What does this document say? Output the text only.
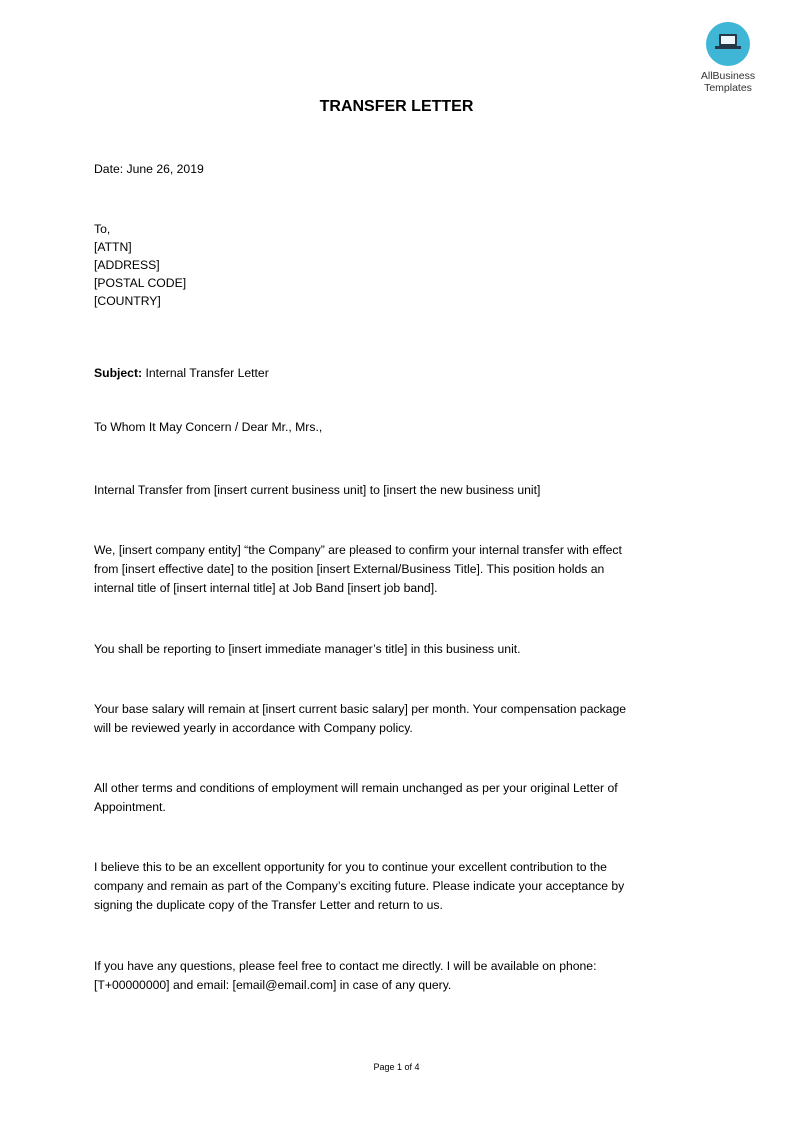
AllBusiness
Templates
TRANSFER LETTER
Date: June 26, 2019
To,
[ATTN]
[ADDRESS]
[POSTAL CODE]
[COUNTRY]
Subject: Internal Transfer Letter
To Whom It May Concern / Dear Mr., Mrs.,
Internal Transfer from [insert current business unit] to [insert the new business unit]
We, [insert company entity] “the Company” are pleased to confirm your internal transfer with effect
from [insert effective date] to the position [insert External/Business Title]. This position holds an
internal title of [insert internal title] at Job Band [insert job band].
You shall be reporting to [insert immediate manager’s title] in this business unit.
Your base salary will remain at [insert current basic salary] per month. Your compensation package
will be reviewed yearly in accordance with Company policy.
All other terms and conditions of employment will remain unchanged as per your original Letter of
Appointment.
I believe this to be an excellent opportunity for you to continue your excellent contribution to the
company and remain as part of the Company’s exciting future. Please indicate your acceptance by
signing the duplicate copy of the Transfer Letter and return to us.
If you have any questions, please feel free to contact me directly. I will be available on phone:
[T+00000000] and email: [email@email.com] in case of any query.
Page 1 of 4
